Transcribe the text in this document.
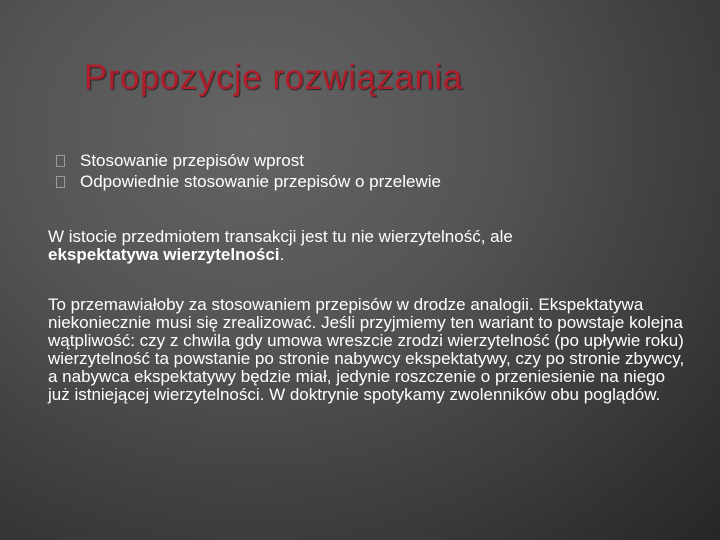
Propozycje rozwiązania
Stosowanie przepisów wprost
Odpowiednie stosowanie przepisów o przelewie
W istocie przedmiotem transakcji jest tu nie wierzytelność, ale
ekspektatywa wierzytelności.
To przemawiałoby za stosowaniem przepisów w drodze analogii. Ekspektatywa niekoniecznie musi się zrealizować. Jeśli przyjmiemy ten wariant to powstaje kolejna wątpliwość: czy z chwila gdy umowa wreszcie zrodzi wierzytelność (po upływie roku) wierzytelność ta powstanie po stronie nabywcy ekspektatywy, czy po stronie zbywcy, a nabywca ekspektatywy będzie miał, jedynie roszczenie o przeniesienie na niego już istniejącej wierzytelności. W doktrynie spotykamy zwolenników obu poglądów.
